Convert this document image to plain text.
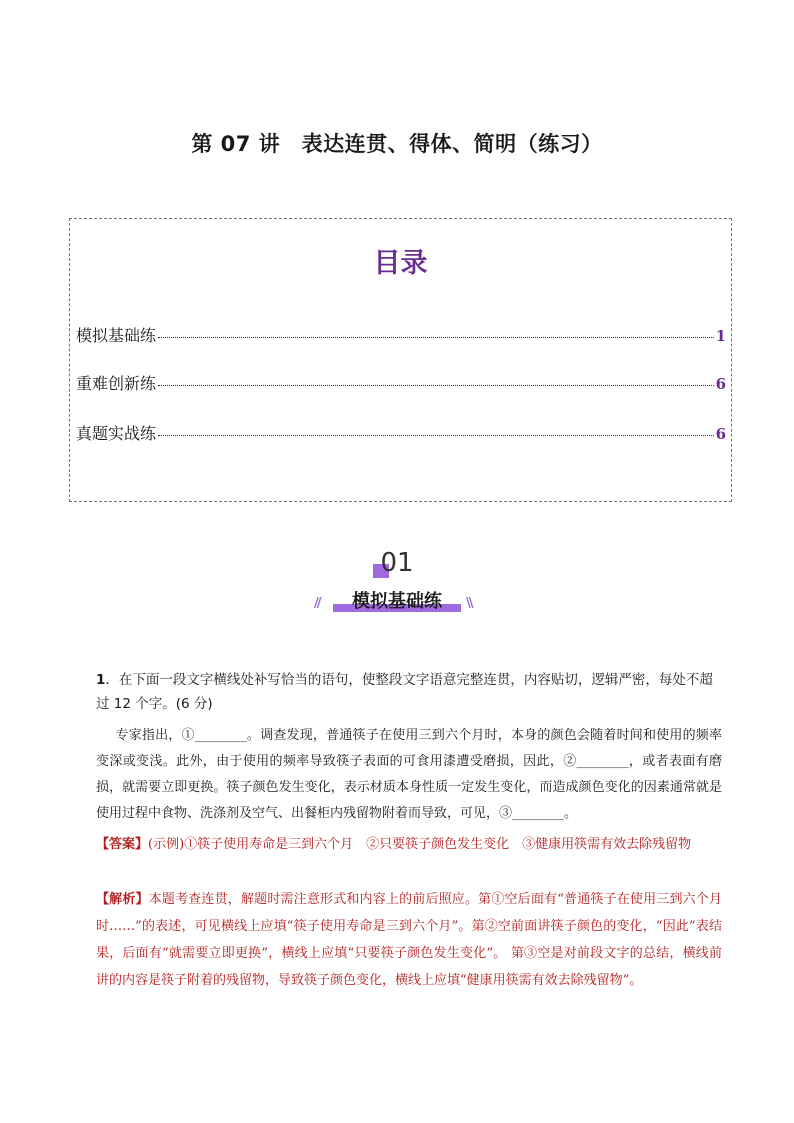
第 07 讲　表达连贯、得体、简明（练习）
目录
模拟基础练	1
重难创新练	6
真题实战练	6
01
//	模拟基础练	\\
1．在下面一段文字横线处补写恰当的语句，使整段文字语意完整连贯，内容贴切，逻辑严密，每处不超过 12 个字。(6 分)
专家指出，①________。调查发现，普通筷子在使用三到六个月时，本身的颜色会随着时间和使用的频率变深或变浅。此外，由于使用的频率导致筷子表面的可食用漆遭受磨损，因此，②________，或者表面有磨损，就需要立即更换。筷子颜色发生变化，表示材质本身性质一定发生变化，而造成颜色变化的因素通常就是使用过程中食物、洗涤剂及空气、出餐柜内残留物附着而导致，可见，③________。
【答案】(示例)①筷子使用寿命是三到六个月　②只要筷子颜色发生变化　③健康用筷需有效去除残留物
【解析】本题考查连贯，解题时需注意形式和内容上的前后照应。第①空后面有“普通筷子在使用三到六个月时……”的表述，可见横线上应填“筷子使用寿命是三到六个月”。第②空前面讲筷子颜色的变化，“因此”表结果，后面有“就需要立即更换”，横线上应填“只要筷子颜色发生变化”。 第③空是对前段文字的总结，横线前讲的内容是筷子附着的残留物，导致筷子颜色变化，横线上应填“健康用筷需有效去除残留物”。
